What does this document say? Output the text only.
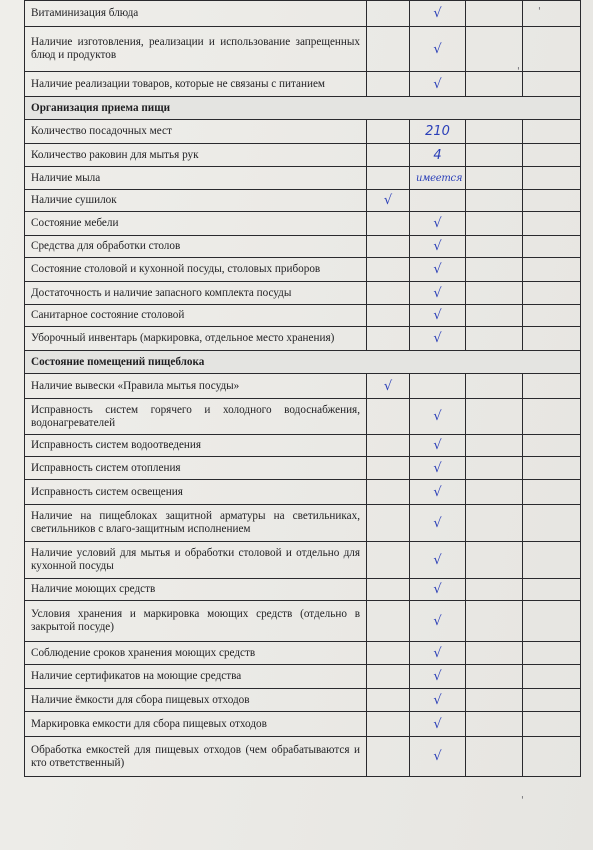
Витаминизация блюда		√		
Наличие изготовления, реализации и использование запрещенных блюд и продуктов		√		
Наличие реализации товаров, которые не связаны с питанием		√		
Организация приема пищи				
Количество посадочных мест		210		
Количество раковин для мытья рук		4		
Наличие мыла		имеется		
Наличие сушилок	√			
Состояние мебели		√		
Средства для обработки столов		√		
Состояние столовой и кухонной посуды, столовых приборов		√		
Достаточность и наличие запасного комплекта посуды		√		
Санитарное состояние столовой		√		
Уборочный инвентарь (маркировка, отдельное место хранения)		√		
Состояние помещений пищеблока				
Наличие вывески «Правила мытья посуды»	√			
Исправность систем горячего и холодного водоснабжения, водонагревателей		√		
Исправность систем водоотведения		√		
Исправность систем отопления		√		
Исправность систем освещения		√		
Наличие на пищеблоках защитной арматуры на светильниках, светильников с влаго-защитным исполнением		√		
Наличие условий для мытья и обработки столовой и отдельно для кухонной посуды		√		
Наличие моющих средств		√		
Условия хранения и маркировка моющих средств (отдельно в закрытой посуде)		√		
Соблюдение сроков хранения моющих средств		√		
Наличие сертификатов на моющие средства		√		
Наличие ёмкости для сбора пищевых отходов		√		
Маркировка емкости для сбора пищевых отходов		√		
Обработка емкостей для пищевых отходов (чем обрабатываются и кто ответственный)		√		
'
'
'
